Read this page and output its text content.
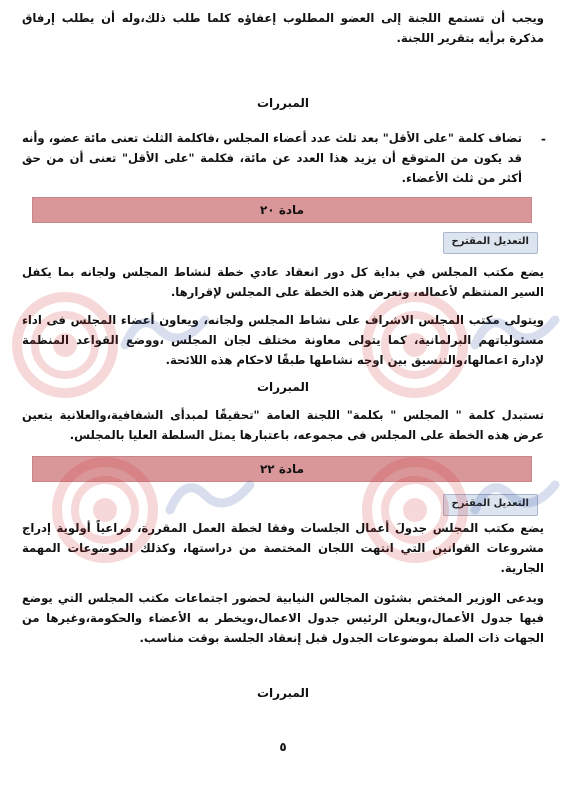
ويجب أن تستمع اللجنة إلى العضو المطلوب إعفاؤه كلما طلب ذلك،وله أن يطلب إرفاق مذكرة برأيه بتقرير اللجنة.

المبررات
-

تضاف كلمة "على الأقل" بعد ثلث عدد أعضاء المجلس ،فاكلمة الثلث تعنى مائة عضو، وأنه قد يكون من المتوقع أن يزيد هذا العدد عن مائة، فكلمة "على الأقل" تعنى أن من حق أكثر من ثلث الأعضاء.

مادة ٢٠
التعديل المقترح

يضع مكتب المجلس في بداية كل دور انعقاد عادي خطة لنشاط المجلس ولجانه بما يكفل السير المنتظم لأعماله، وتعرض هذه الخطة على المجلس لإقرارها.

ويتولى مكتب المجلس الاشراف على نشاط المجلس ولجانه، ويعاون أعضاء المجلس فى اداء مسئولياتهم البرلمانية، كما يتولى معاونة مختلف لجان المجلس ،ووضع القواعد المنظمة لإدارة اعمالها،والتنسيق بين اوجه نشاطها طبقًا لاحكام هذه اللائحة.

المبررات

تستبدل كلمة " المجلس " بكلمة" اللجنة العامة "تحقيقًا لمبدأى الشفافية،والعلانية يتعين عرض هذه الخطة على المجلس فى مجموعه، باعتبارها يمثل السلطة العليا بالمجلس.

مادة ٢٢
التعديل المقترح

يضع مكتب المجلس جدولَ أعمال الجلسات وفقا لخطة العمل المقررة، مراعياً أولوية إدراج مشروعات القوانين التي انتهت اللجان المختصة من دراستها، وكذلك الموضوعات المهمة الجارية.

ويدعى الوزير المختص بشئون المجالس النيابية لحضور اجتماعات مكتب المجلس التي يوضع فيها جدول الأعمال،ويعلن الرئيس جدول الاعمال،ويخطر به الأعضاء والحكومة،وغيرها من الجهات ذات الصلة بموضوعات الجدول قبل إنعقاد الجلسة بوقت مناسب.

المبررات
٥
